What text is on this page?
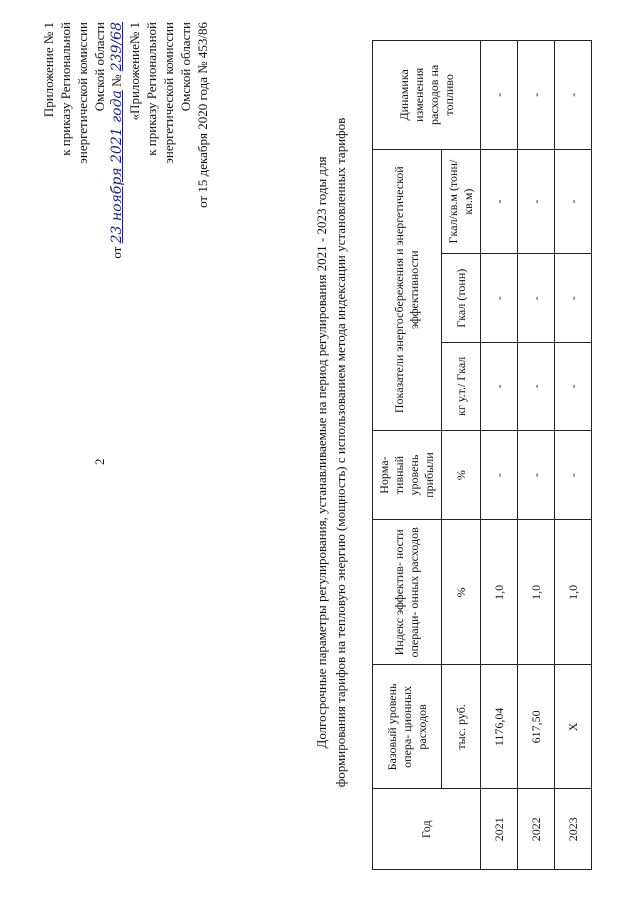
2
Приложение № 1 к приказу Региональной энергетической комиссии Омской области
от 23 ноября 2021 года № 239/68 «Приложение№ 1 к приказу Региональной энергетической комиссии Омской области от 15 декабря 2020 года № 453/86
Долгосрочные параметры регулирования, устанавливаемые на период регулирования 2021 - 2023 годы для формирования тарифов на тепловую энергию (мощность) с использованием метода индексации установленных тарифов
Год	Базовый уровень опера- ционных расходов	Индекс эффектив- ности операци- онных расходов	Норма- тивный уровень прибыли	Показатели энергосбережения и энергетической эффективности			Динамика изменения расходов на топливо
	тыс. руб.	%	%	кг у.т./ Гкал	Гкал (тонн)	Гкал/кв.м (тонн/кв.м)	
2021	1176,04	1,0	-	-	-	-	-
2022	617,50	1,0	-	-	-	-	-
2023	X	1,0	-	-	-	-	-
